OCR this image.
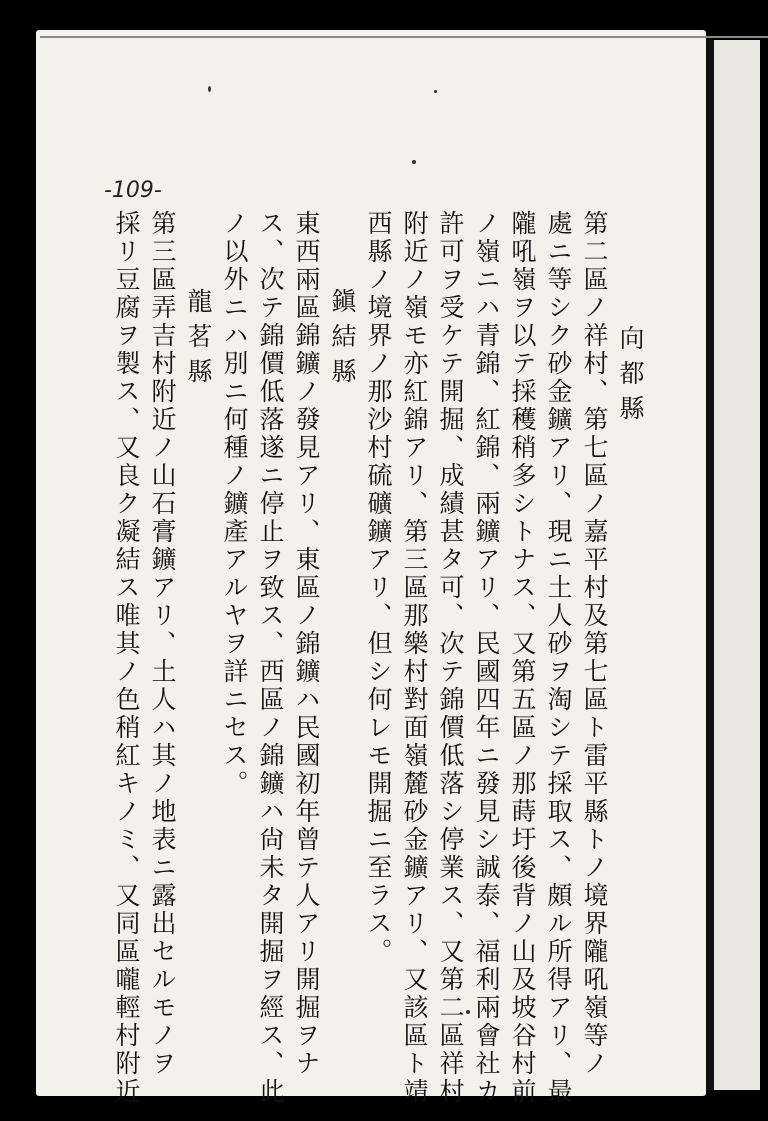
-109-
向都縣
第二區ノ祥村、第七區ノ嘉平村及第七區ト雷平縣トノ境界隴吼嶺等ノ
處ニ等シク砂金鑛アリ、現ニ土人砂ヲ淘シテ採取ス、頗ル所得アリ、最
隴吼嶺ヲ以テ採穫稍多シトナス、又第五區ノ那蒔圩後背ノ山及坡谷村前
ノ嶺ニハ青錦、紅錦、兩鑛アリ、民國四年ニ發見シ誠泰、福利兩會社カ
許可ヲ受ケテ開掘、成績甚タ可、次テ錦價低落シ停業ス、又第二區祥村
附近ノ嶺モ亦紅錦アリ、第三區那樂村對面嶺麓砂金鑛アリ、又該區ト靖
西縣ノ境界ノ那沙村硫礦鑛アリ、但シ何レモ開掘ニ至ラス。
鎭結縣
東西兩區錦鑛ノ發見アリ、東區ノ錦鑛ハ民國初年曾テ人アリ開掘ヲナ
ス、次テ錦價低落遂ニ停止ヲ致ス、西區ノ錦鑛ハ尙未タ開掘ヲ經ス、此
ノ以外ニハ別ニ何種ノ鑛產アルヤヲ詳ニセス。
龍茗縣
第三區弄吉村附近ノ山石膏鑛アリ、土人ハ其ノ地表ニ露出セルモノヲ
採リ豆腐ヲ製ス、又良ク凝結ス唯其ノ色稍紅キノミ、又同區嚨輕村附近
